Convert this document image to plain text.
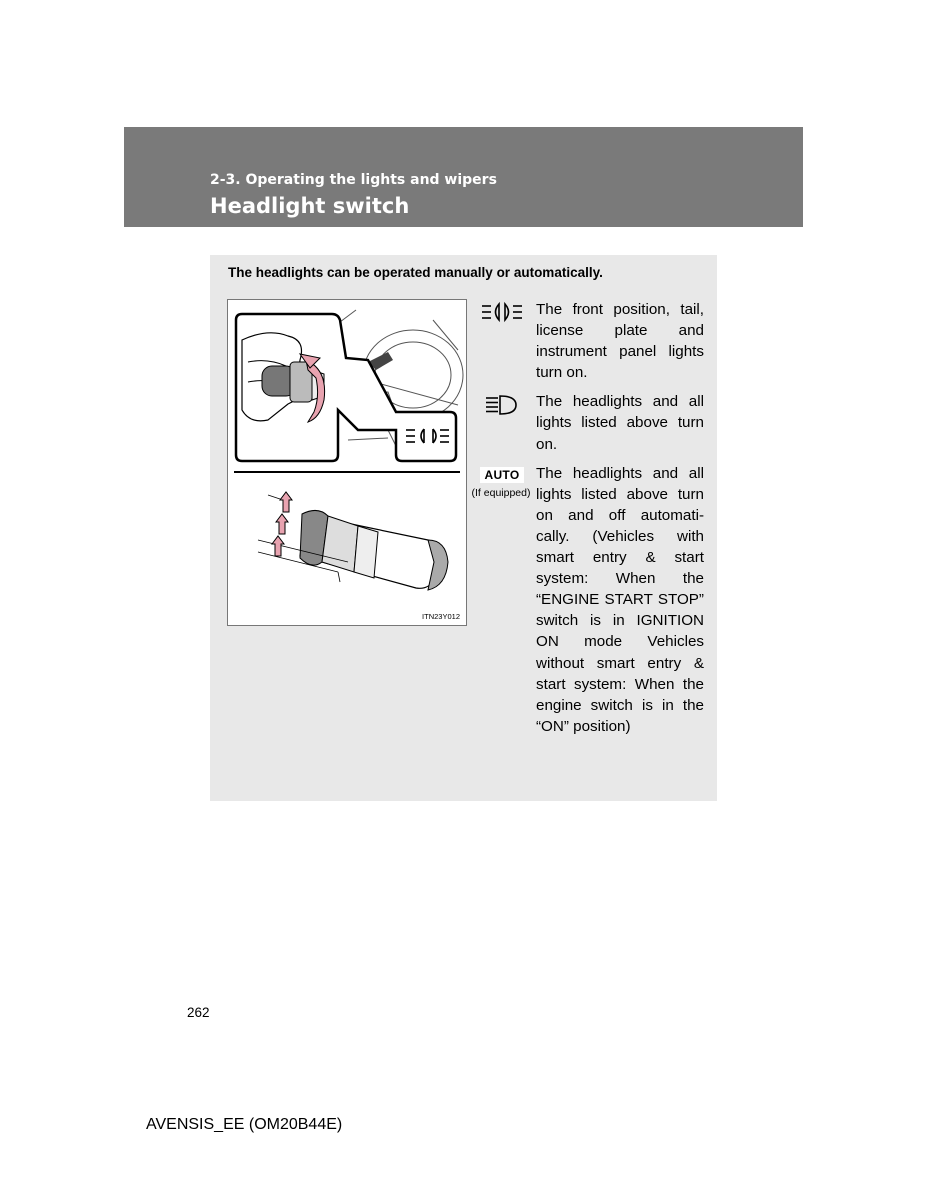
2-3. Operating the lights and wipers
Headlight switch
The headlights can be operated manually or automatically.
ITN23Y012
The front position, tail, license plate and instrument panel lights turn on.
The headlights and all lights listed above turn on.
AUTO
(If equipped)
The headlights and all lights listed above turn on and off automati- cally. (Vehicles with smart entry & start system: When the “ENGINE START STOP” switch is in IGNITION ON mode Vehicles without smart entry & start system: When the engine switch is in the “ON” position)
262
AVENSIS_EE (OM20B44E)
